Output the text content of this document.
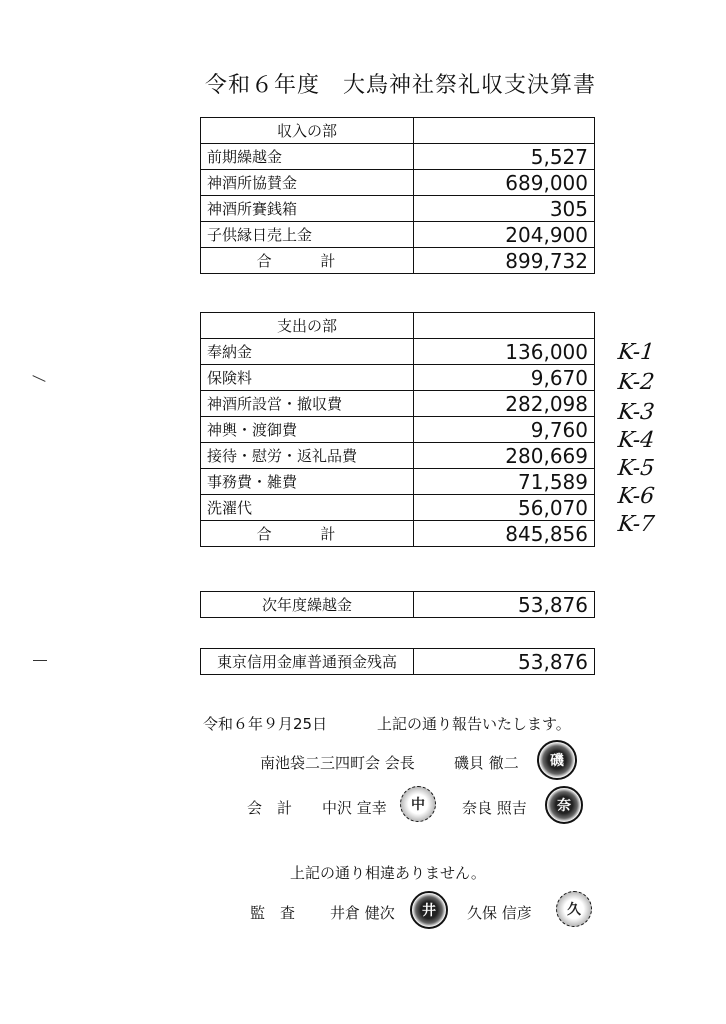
令和６年度　大鳥神社祭礼収支決算書
収入の部	
前期繰越金	5,527
神酒所協賛金	689,000
神酒所賽銭箱	305
子供縁日売上金	204,900
合 計	899,732
支出の部	
奉納金	136,000
保険料	9,670
神酒所設営・撤収費	282,098
神輿・渡御費	9,760
接待・慰労・返礼品費	280,669
事務費・雑費	71,589
洗濯代	56,070
合 計	845,856
K-1
K-2
K-3
K-4
K-5
K-6
K-7
次年度繰越金	53,876
東京信用金庫普通預金残高	53,876
令和６年９月25日	上記の通り報告いたします。
南池袋二三四町会 会長	磯貝 徹二	磯
会　計 中沢 宣幸	中	奈良 照吉	奈
上記の通り相違ありません。
監　査 井倉 健次	井	久保 信彦	久
